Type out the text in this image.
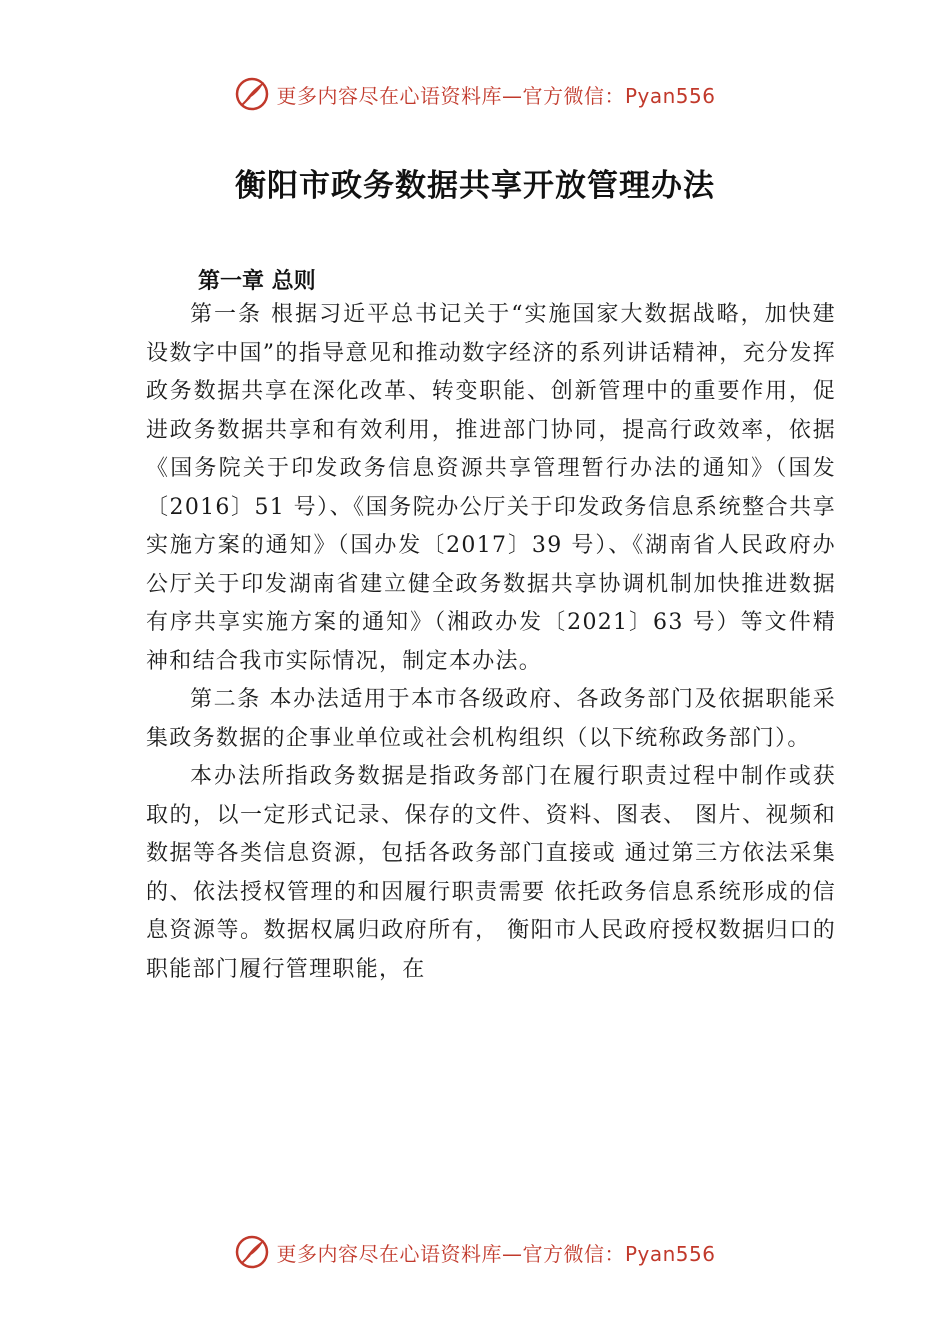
更多内容尽在心语资料库—官方微信：Pyan556
衡阳市政务数据共享开放管理办法
第一章 总则

第一条 根据习近平总书记关于“实施国家大数据战略，加快建设数字中国”的指导意见和推动数字经济的系列讲话精神，充分发挥政务数据共享在深化改革、转变职能、创新管理中的重要作用，促进政务数据共享和有效利用，推进部门协同，提高行政效率，依据《国务院关于印发政务信息资源共享管理暂行办法的通知》（国发〔2016〕51 号）、《国务院办公厅关于印发政务信息系统整合共享实施方案的通知》（国办发〔2017〕39 号）、《湖南省人民政府办公厅关于印发湖南省建立健全政务数据共享协调机制加快推进数据有序共享实施方案的通知》（湘政办发〔2021〕63 号）等文件精神和结合我市实际情况，制定本办法。

第二条 本办法适用于本市各级政府、各政务部门及依据职能采集政务数据的企事业单位或社会机构组织（以下统称政务部门）。

本办法所指政务数据是指政务部门在履行职责过程中制作或获取的，以一定形式记录、保存的文件、资料、图表、 图片、视频和数据等各类信息资源，包括各政务部门直接或 通过第三方依法采集的、依法授权管理的和因履行职责需要 依托政务信息系统形成的信息资源等。数据权属归政府所有， 衡阳市人民政府授权数据归口的职能部门履行管理职能，在

更多内容尽在心语资料库—官方微信：Pyan556
